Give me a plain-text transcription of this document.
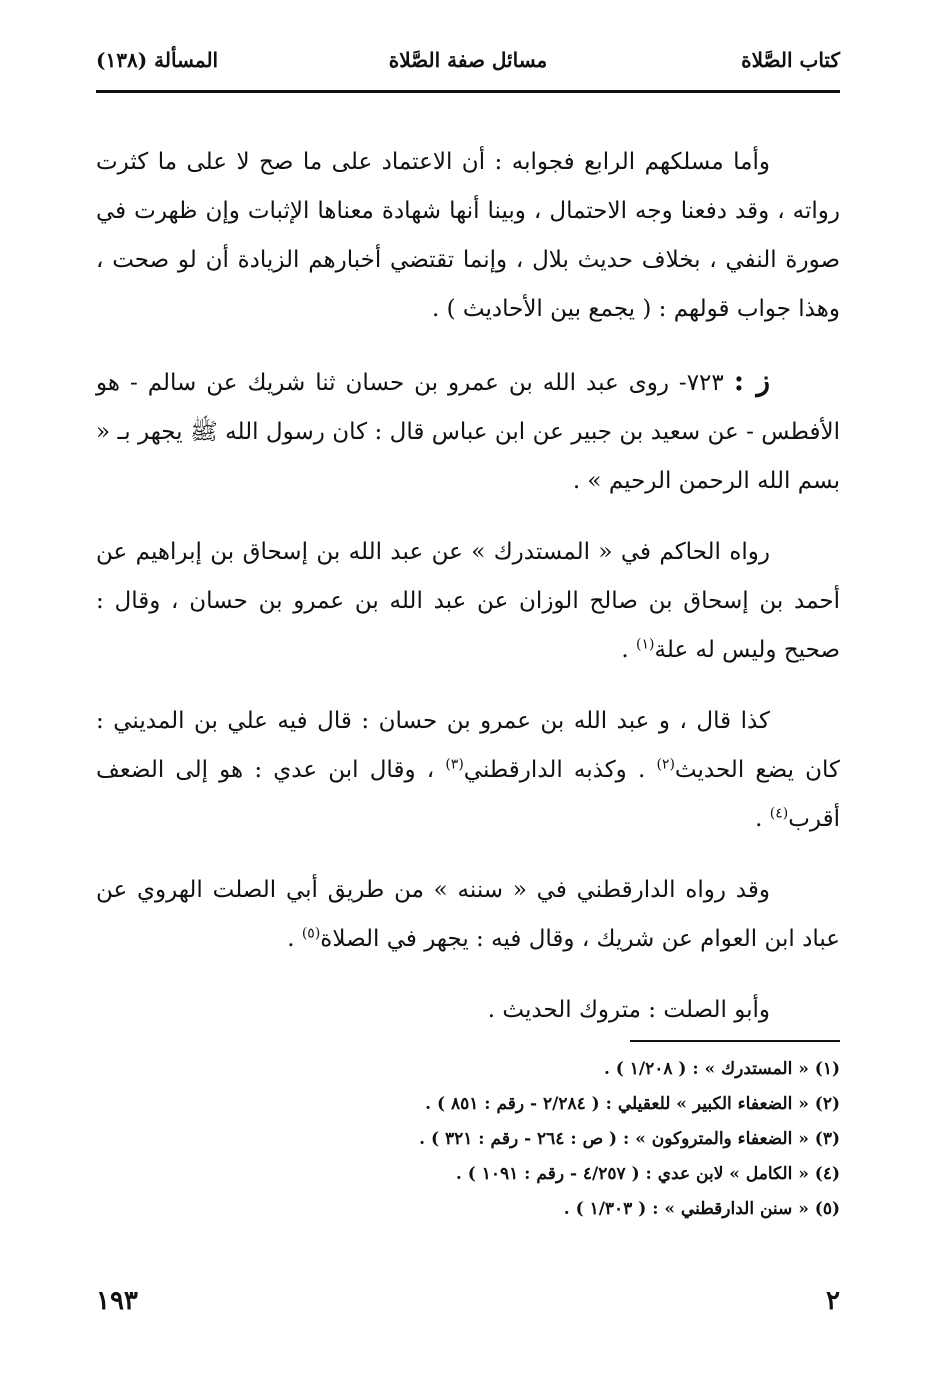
كتاب الصَّلاة
مسائل صفة الصَّلاة
المسألة (١٣٨)

وأما مسلكهم الرابع فجوابه : أن الاعتماد على ما صح لا على ما كثرت رواته ، وقد دفعنا وجه الاحتمال ، وبينا أنها شهادة معناها الإثبات وإن ظهرت في صورة النفي ، بخلاف حديث بلال ، وإنما تقتضي أخبارهم الزيادة أن لو صحت ، وهذا جواب قولهم : ( يجمع بين الأحاديث ) .

ز : ٧٢٣- روى عبد الله بن عمرو بن حسان ثنا شريك عن سالم - هو الأفطس - عن سعيد بن جبير عن ابن عباس قال : كان رسول الله ﷺ يجهر بـ « بسم الله الرحمن الرحيم » .

رواه الحاكم في « المستدرك » عن عبد الله بن إسحاق بن إبراهيم عن أحمد بن إسحاق بن صالح الوزان عن عبد الله بن عمرو بن حسان ، وقال : صحيح وليس له علة$^{(١)}$ .

كذا قال ، و عبد الله بن عمرو بن حسان : قال فيه علي بن المديني : كان يضع الحديث$^{(٢)}$ . وكذبه الدارقطني$^{(٣)}$ ، وقال ابن عدي : هو إلى الضعف أقرب$^{(٤)}$ .

وقد رواه الدارقطني في « سننه » من طريق أبي الصلت الهروي عن عباد ابن العوام عن شريك ، وقال فيه : يجهر في الصلاة$^{(٥)}$ .

وأبو الصلت : متروك الحديث .

(١) « المستدرك » : ( ١/٢٠٨ ) .
(٢) « الضعفاء الكبير » للعقيلي : ( ٢/٢٨٤ - رقم : ٨٥١ ) .
(٣) « الضعفاء والمتروكون » : ( ص : ٢٦٤ - رقم : ٣٢١ ) .
(٤) « الكامل » لابن عدي : ( ٤/٢٥٧ - رقم : ١٠٩١ ) .
(٥) « سنن الدارقطني » : ( ١/٣٠٣ ) .
١٩٣	٢
